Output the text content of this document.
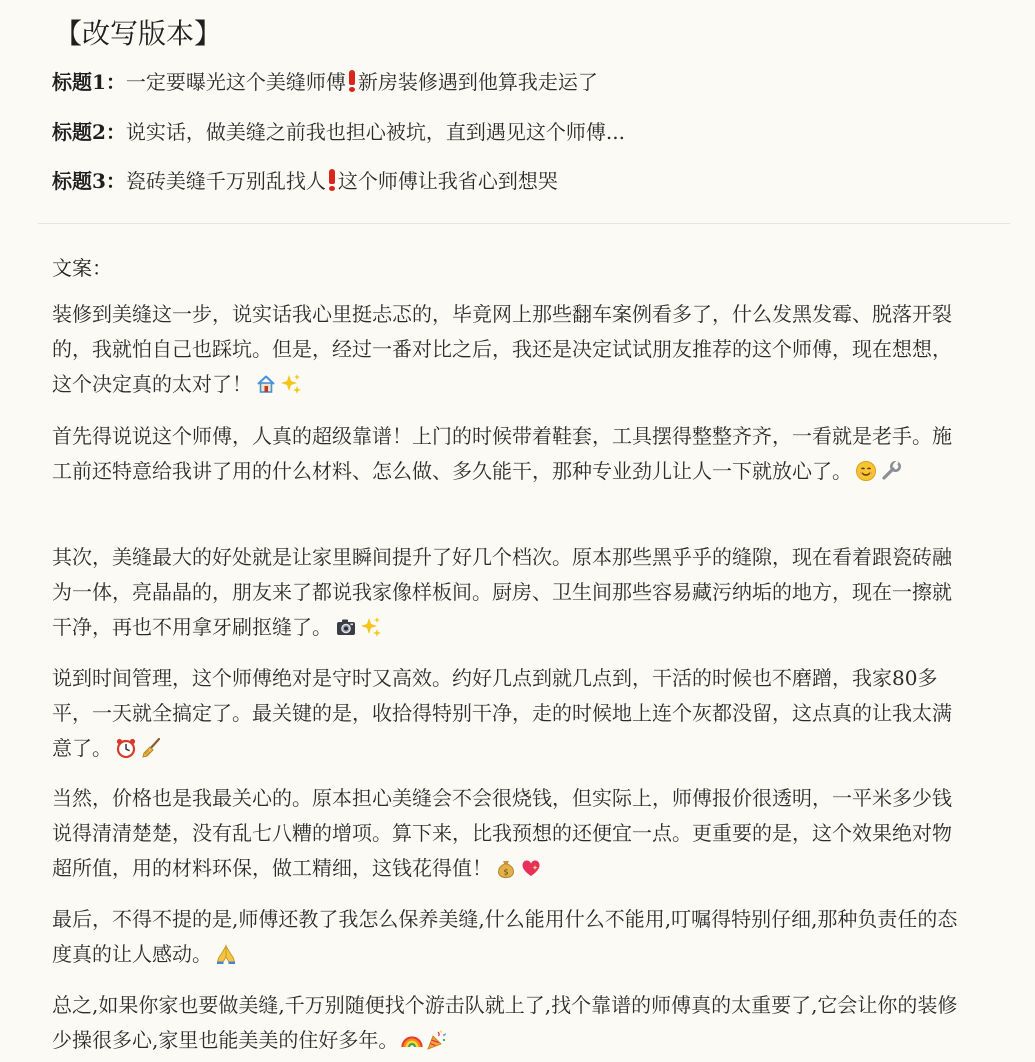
【改写版本】
标题1：一定要曝光这个美缝师傅 新房装修遇到他算我走运了
标题2：说实话，做美缝之前我也担心被坑，直到遇见这个师傅...
标题3：瓷砖美缝千万别乱找人 这个师傅让我省心到想哭
文案：

装修到美缝这一步，说实话我心里挺忐忑的，毕竟网上那些翻车案例看多了，什么发黑发霉、脱落开裂的，我就怕自己也踩坑。但是，经过一番对比之后，我还是决定试试朋友推荐的这个师傅，现在想想，这个决定真的太对了！

首先得说说这个师傅，人真的超级靠谱！上门的时候带着鞋套，工具摆得整整齐齐，一看就是老手。施工前还特意给我讲了用的什么材料、怎么做、多久能干，那种专业劲儿让人一下就放心了。

其次，美缝最大的好处就是让家里瞬间提升了好几个档次。原本那些黑乎乎的缝隙，现在看着跟瓷砖融为一体，亮晶晶的，朋友来了都说我家像样板间。厨房、卫生间那些容易藏污纳垢的地方，现在一擦就干净，再也不用拿牙刷抠缝了。

说到时间管理，这个师傅绝对是守时又高效。约好几点到就几点到，干活的时候也不磨蹭，我家80多平，一天就全搞定了。最关键的是，收拾得特别干净，走的时候地上连个灰都没留，这点真的让我太满意了。

当然，价格也是我最关心的。原本担心美缝会不会很烧钱，但实际上，师傅报价很透明，一平米多少钱说得清清楚楚，没有乱七八糟的增项。算下来，比我预想的还便宜一点。更重要的是，这个效果绝对物超所值，用的材料环保，做工精细，这钱花得值！ $

最后，不得不提的是,师傅还教了我怎么保养美缝,什么能用什么不能用,叮嘱得特别仔细,那种负责任的态度真的让人感动。

总之,如果你家也要做美缝,千万别随便找个游击队就上了,找个靠谱的师傅真的太重要了,它会让你的装修少操很多心,家里也能美美的住好多年。
